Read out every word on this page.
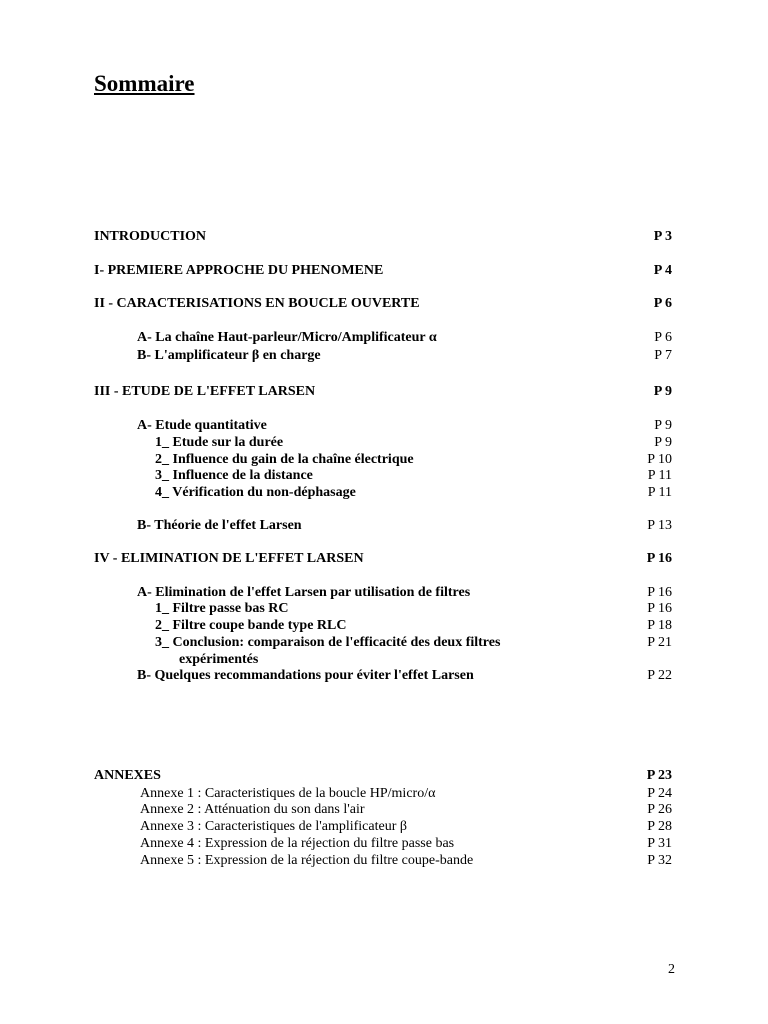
Sommaire
INTRODUCTION	P 3
I- PREMIERE APPROCHE DU PHENOMENE	P 4
II - CARACTERISATIONS EN BOUCLE OUVERTE	P 6
A- La chaîne Haut-parleur/Micro/Amplificateur α	P 6
B- L'amplificateur β en charge	P 7
III - ETUDE DE L'EFFET LARSEN	P 9
A- Etude quantitative	P 9
1_ Etude sur la durée	P 9
2_ Influence du gain de la chaîne électrique	P 10
3_ Influence de la distance	P 11
4_ Vérification du non-déphasage	P 11
B- Théorie de l'effet Larsen	P 13
IV - ELIMINATION DE L'EFFET LARSEN	P 16
A- Elimination de l'effet Larsen par utilisation de filtres	P 16
1_ Filtre passe bas RC	P 16
2_ Filtre coupe bande type RLC	P 18
3_ Conclusion: comparaison de l'efficacité des deux filtres	P 21
expérimentés
B- Quelques recommandations pour éviter l'effet Larsen	P 22
ANNEXES	P 23
Annexe 1 : Caracteristiques de la boucle HP/micro/α	P 24
Annexe 2 : Atténuation du son dans l'air	P 26
Annexe 3 : Caracteristiques de l'amplificateur β	P 28
Annexe 4 : Expression de la réjection du filtre passe bas	P 31
Annexe 5 : Expression de la réjection du filtre coupe-bande	P 32
2
